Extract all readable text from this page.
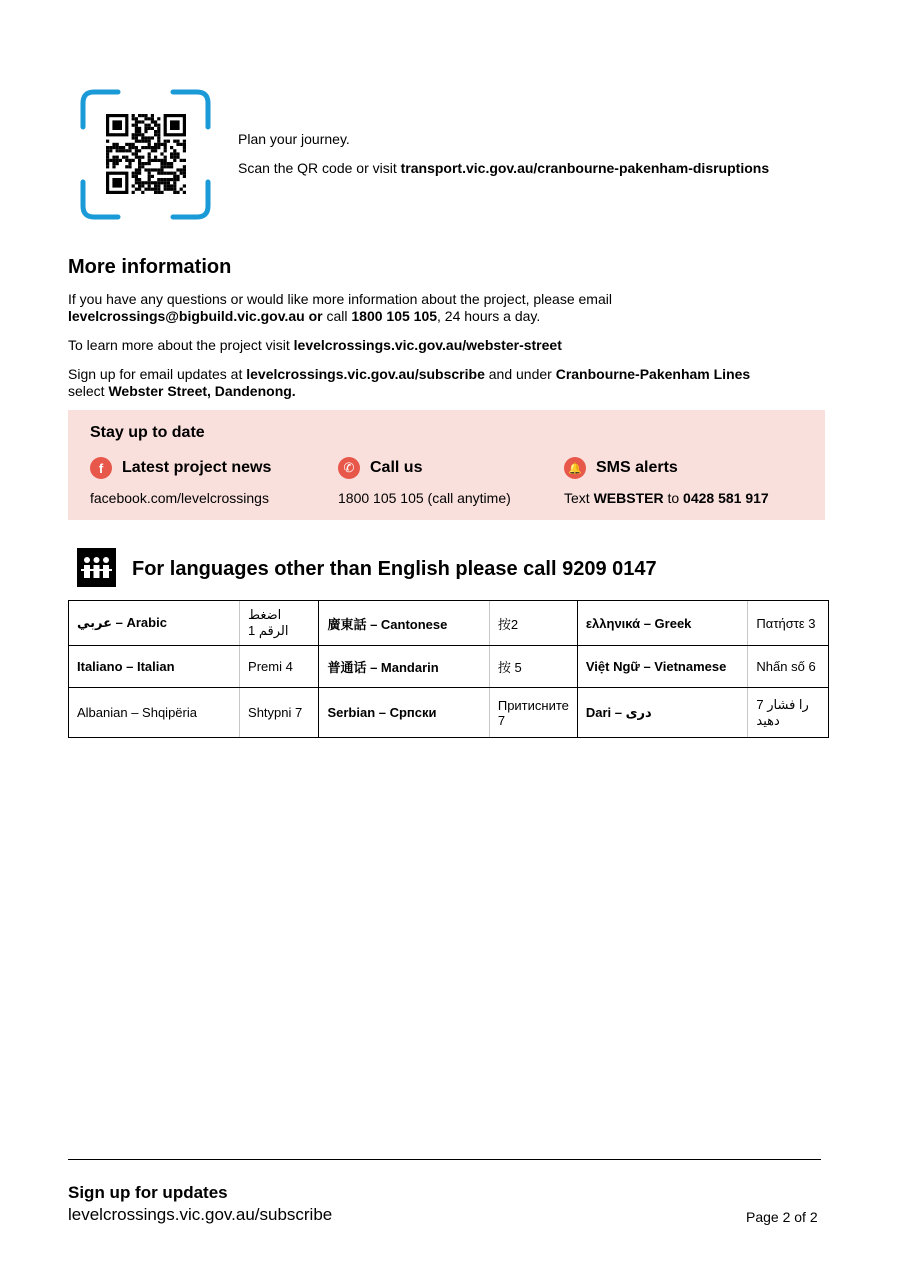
Plan your journey.
Scan the QR code or visit transport.vic.gov.au/cranbourne-pakenham-disruptions
More information

If you have any questions or would like more information about the project, please email
levelcrossings@bigbuild.vic.gov.au or call 1800 105 105, 24 hours a day.

To learn more about the project visit levelcrossings.vic.gov.au/webster-street

Sign up for email updates at levelcrossings.vic.gov.au/subscribe and under Cranbourne-Pakenham Lines
select Webster Street, Dandenong.

Stay up to date
f	Latest project news
facebook.com/levelcrossings
✆ Call us
1800 105 105 (call anytime)
🔔 SMS alerts
Text WEBSTER to 0428 581 917
For languages other than English please call 9209 0147
عربي – Arabic	اضغط الرقم 1	廣東話 – Cantonese	按2	ελληνικά – Greek	Πατήστε 3
Italiano – Italian	Premi 4	普通话 – Mandarin	按 5	Việt Ngữ – Vietnamese	Nhấn số 6
Albanian – Shqipëria	Shtypni 7	Serbian – Српски	Притисните 7	Dari – دری	7 را فشار دهید
Sign up for updates
levelcrossings.vic.gov.au/subscribe	Page 2 of 2
